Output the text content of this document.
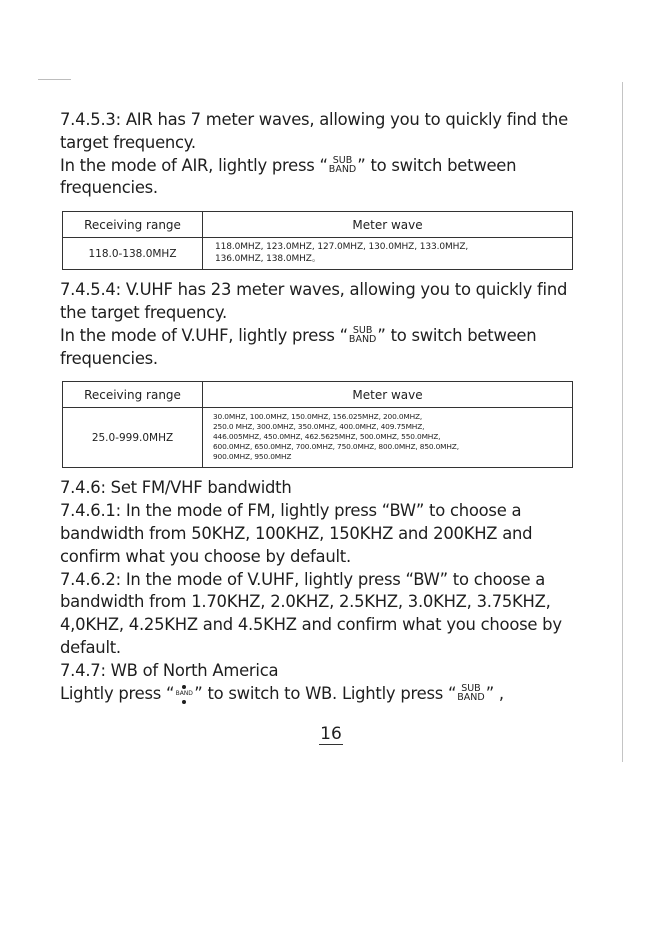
7.4.5.3: AIR has 7 meter waves, allowing you to quickly find the

target frequency.

In the mode of AIR, lightly press “ SUB
BAND ” to switch between

frequencies.

Receiving range	Meter wave
118.0-138.0MHZ	118.0MHZ, 123.0MHZ, 127.0MHZ, 130.0MHZ, 133.0MHZ,
136.0MHZ, 138.0MHZ｡

7.4.5.4: V.UHF has 23 meter waves, allowing you to quickly find

the target frequency.

In the mode of V.UHF, lightly press “ SUB
BAND ” to switch between

frequencies.

Receiving range	Meter wave
25.0-999.0MHZ	30.0MHZ, 100.0MHZ, 150.0MHZ, 156.025MHZ, 200.0MHZ,
250.0 MHZ, 300.0MHZ, 350.0MHZ, 400.0MHZ, 409.75MHZ,
446.005MHZ, 450.0MHZ, 462.5625MHZ, 500.0MHZ, 550.0MHZ,
600.0MHZ, 650.0MHZ, 700.0MHZ, 750.0MHZ, 800.0MHZ, 850.0MHZ,
900.0MHZ, 950.0MHZ

7.4.6: Set FM/VHF bandwidth

7.4.6.1: In the mode of FM, lightly press “BW” to choose a

bandwidth from 50KHZ, 100KHZ, 150KHZ and 200KHZ and

confirm what you choose by default.

7.4.6.2: In the mode of V.UHF, lightly press “BW” to choose a

bandwidth from 1.70KHZ, 2.0KHZ, 2.5KHZ, 3.0KHZ, 3.75KHZ,

4,0KHZ, 4.25KHZ and 4.5KHZ and confirm what you choose by

default.

7.4.7: WB of North America

Lightly press “ BAND ” to switch to WB. Lightly press “ SUB
BAND ” ,

16
